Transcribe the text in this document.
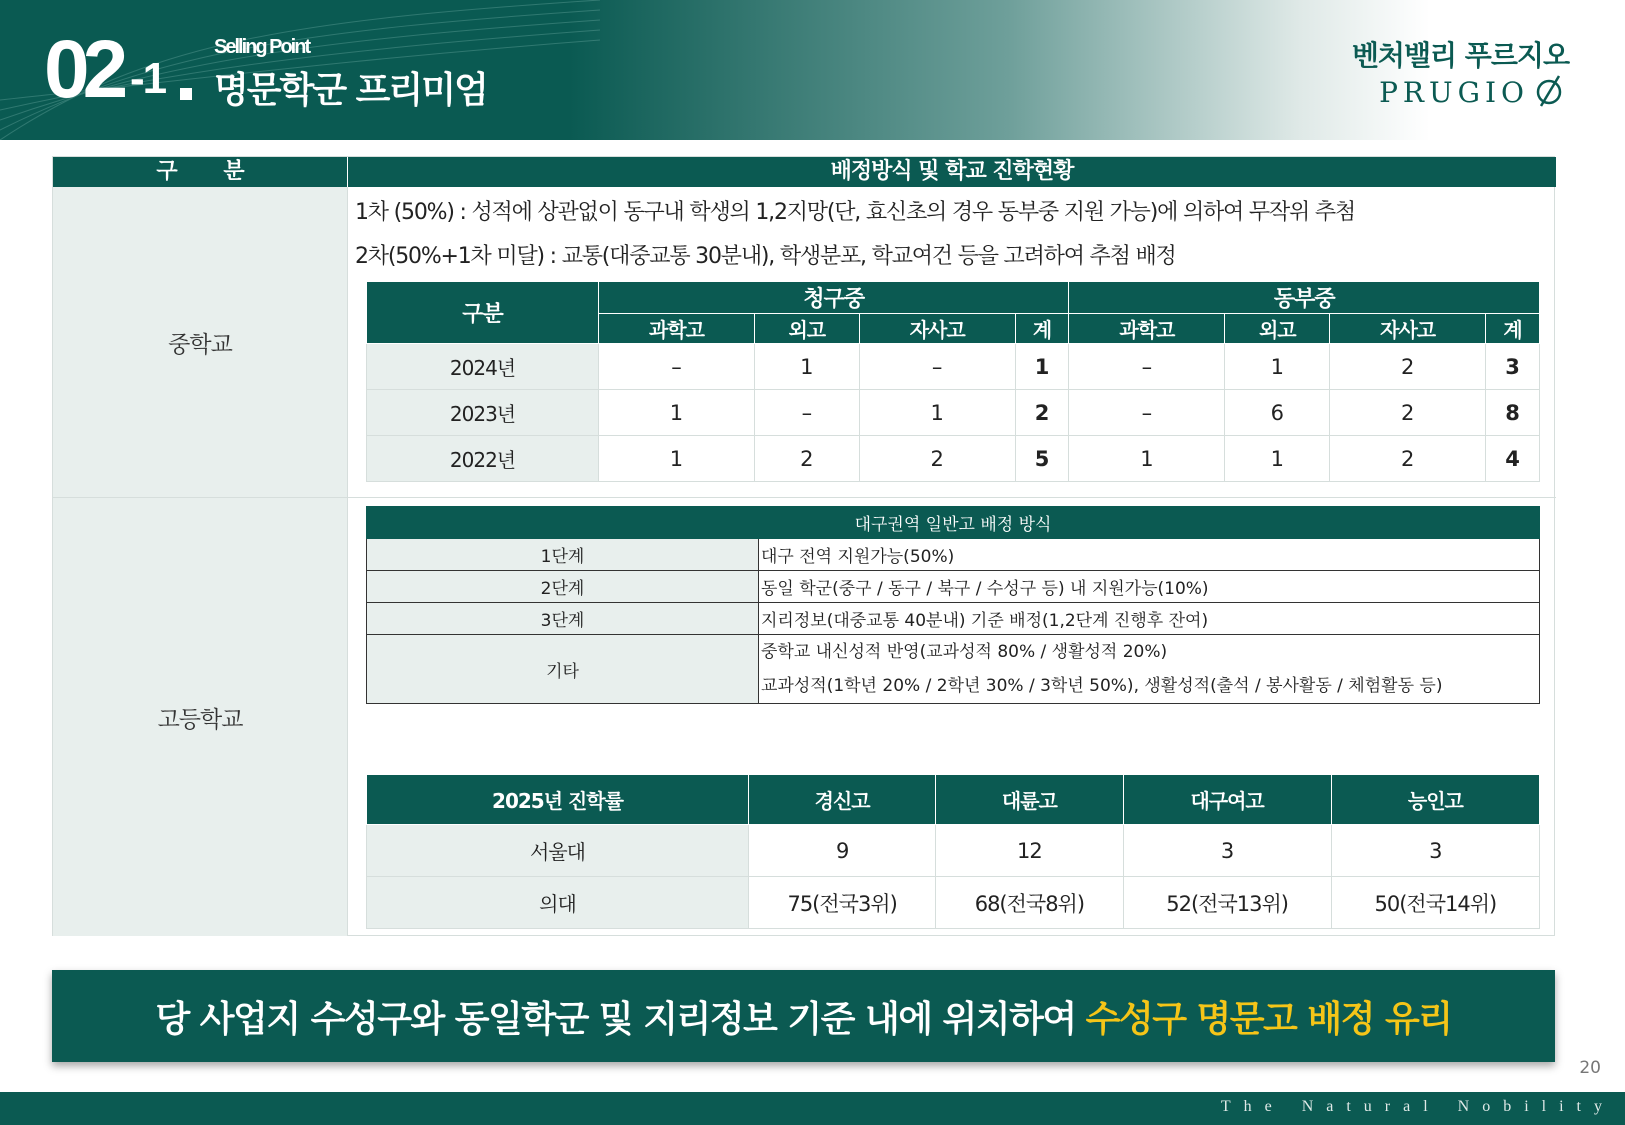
02 -1
Selling Point
명문학군 프리미엄
벤처밸리 푸르지오
PRUGIO
구 분	배정방식 및 학교 진학현황
중학교
1차 (50%) : 성적에 상관없이 동구내 학생의 1,2지망(단, 효신초의 경우 동부중 지원 가능)에 의하여 무작위 추첨
2차(50%+1차 미달) : 교통(대중교통 30분내), 학생분포, 학교여건 등을 고려하여 추첨 배정
구분	청구중				동부중			
	과학고	외고	자사고	계	과학고	외고	자사고	계
2024년	–	1	–	1	–	1	2	3
2023년	1	–	1	2	–	6	2	8
2022년	1	2	2	5	1	1	2	4
고등학교
대구권역 일반고 배정 방식	
1단계	대구 전역 지원가능(50%)
2단계	동일 학군(중구 / 동구 / 북구 / 수성구 등) 내 지원가능(10%)
3단계	지리정보(대중교통 40분내) 기준 배정(1,2단계 진행후 잔여)
기타	중학교 내신성적 반영(교과성적 80% / 생활성적 20%)
교과성적(1학년 20% / 2학년 30% / 3학년 50%), 생활성적(출석 / 봉사활동 / 체험활동 등)
2025년 진학률	경신고	대륜고	대구여고	능인고
서울대	9	12	3	3
의대	75(전국3위)	68(전국8위)	52(전국13위)	50(전국14위)
당 사업지 수성구와 동일학군 및 지리정보 기준 내에 위치하여 수성구 명문고 배정 유리
20
The Natural Nobility
